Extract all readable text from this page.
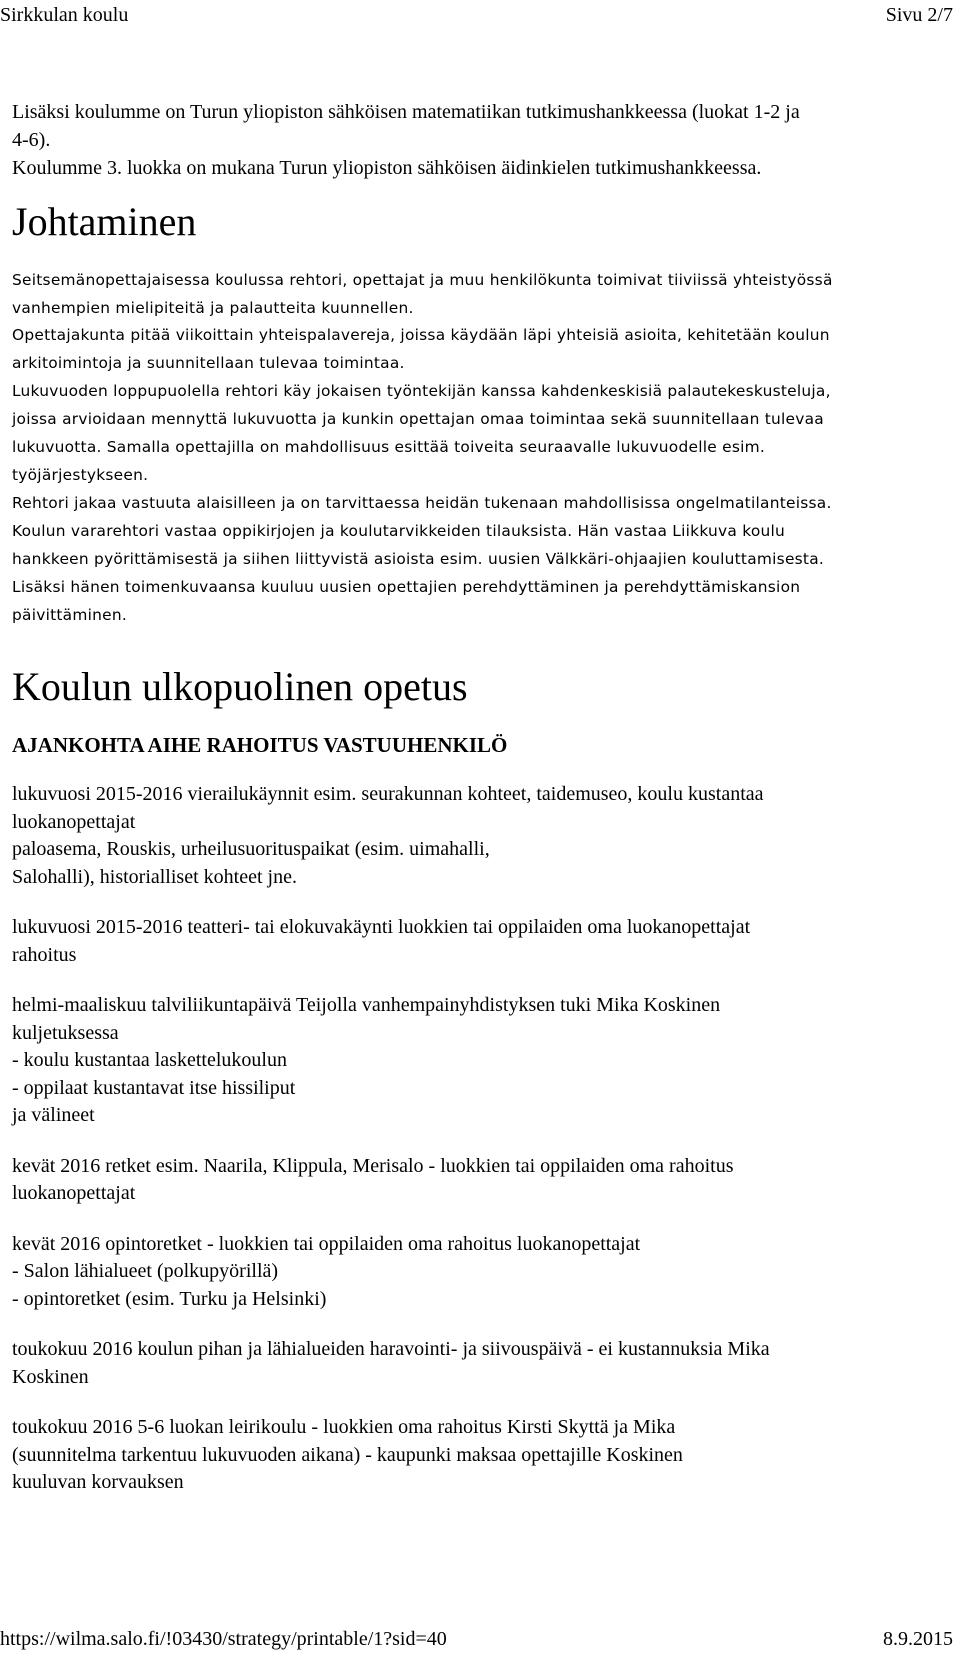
Sirkkulan koulu	Sivu 2/7

Lisäksi koulumme on Turun yliopiston sähköisen matematiikan tutkimushankkeessa (luokat 1-2 ja

4-6).

Koulumme 3. luokka on mukana Turun yliopiston sähköisen äidinkielen tutkimushankkeessa.

Johtaminen

Seitsemänopettajaisessa koulussa rehtori, opettajat ja muu henkilökunta toimivat tiiviissä yhteistyössä
vanhempien mielipiteitä ja palautteita kuunnellen.

Opettajakunta pitää viikoittain yhteispalavereja, joissa käydään läpi yhteisiä asioita, kehitetään koulun
arkitoimintoja ja suunnitellaan tulevaa toimintaa.

Lukuvuoden loppupuolella rehtori käy jokaisen työntekijän kanssa kahdenkeskisiä palautekeskusteluja,
joissa arvioidaan mennyttä lukuvuotta ja kunkin opettajan omaa toimintaa sekä suunnitellaan tulevaa
lukuvuotta. Samalla opettajilla on mahdollisuus esittää toiveita seuraavalle lukuvuodelle esim.
työjärjestykseen.

Rehtori jakaa vastuuta alaisilleen ja on tarvittaessa heidän tukenaan mahdollisissa ongelmatilanteissa.
Koulun vararehtori vastaa oppikirjojen ja koulutarvikkeiden tilauksista. Hän vastaa Liikkuva koulu
hankkeen pyörittämisestä ja siihen liittyvistä asioista esim. uusien Välkkäri-ohjaajien kouluttamisesta.
Lisäksi hänen toimenkuvaansa kuuluu uusien opettajien perehdyttäminen ja perehdyttämiskansion
päivittäminen.

Koulun ulkopuolinen opetus

AJANKOHTA AIHE RAHOITUS VASTUUHENKILÖ

lukuvuosi 2015-2016 vierailukäynnit esim. seurakunnan kohteet, taidemuseo, koulu kustantaa
luokanopettajat
paloasema, Rouskis, urheilusuorituspaikat (esim. uimahalli,
Salohalli), historialliset kohteet jne.

lukuvuosi 2015-2016 teatteri- tai elokuvakäynti luokkien tai oppilaiden oma luokanopettajat
rahoitus

helmi-maaliskuu talviliikuntapäivä Teijolla vanhempainyhdistyksen tuki Mika Koskinen
kuljetuksessa
- koulu kustantaa laskettelukoulun
- oppilaat kustantavat itse hissiliput
ja välineet

kevät 2016 retket esim. Naarila, Klippula, Merisalo - luokkien tai oppilaiden oma rahoitus
luokanopettajat

kevät 2016 opintoretket - luokkien tai oppilaiden oma rahoitus luokanopettajat
- Salon lähialueet (polkupyörillä)
- opintoretket (esim. Turku ja Helsinki)

toukokuu 2016 koulun pihan ja lähialueiden haravointi- ja siivouspäivä - ei kustannuksia Mika
Koskinen

toukokuu 2016 5-6 luokan leirikoulu - luokkien oma rahoitus Kirsti Skyttä ja Mika
(suunnitelma tarkentuu lukuvuoden aikana) - kaupunki maksaa opettajille Koskinen
kuuluvan korvauksen

https://wilma.salo.fi/!03430/strategy/printable/1?sid=40	8.9.2015
